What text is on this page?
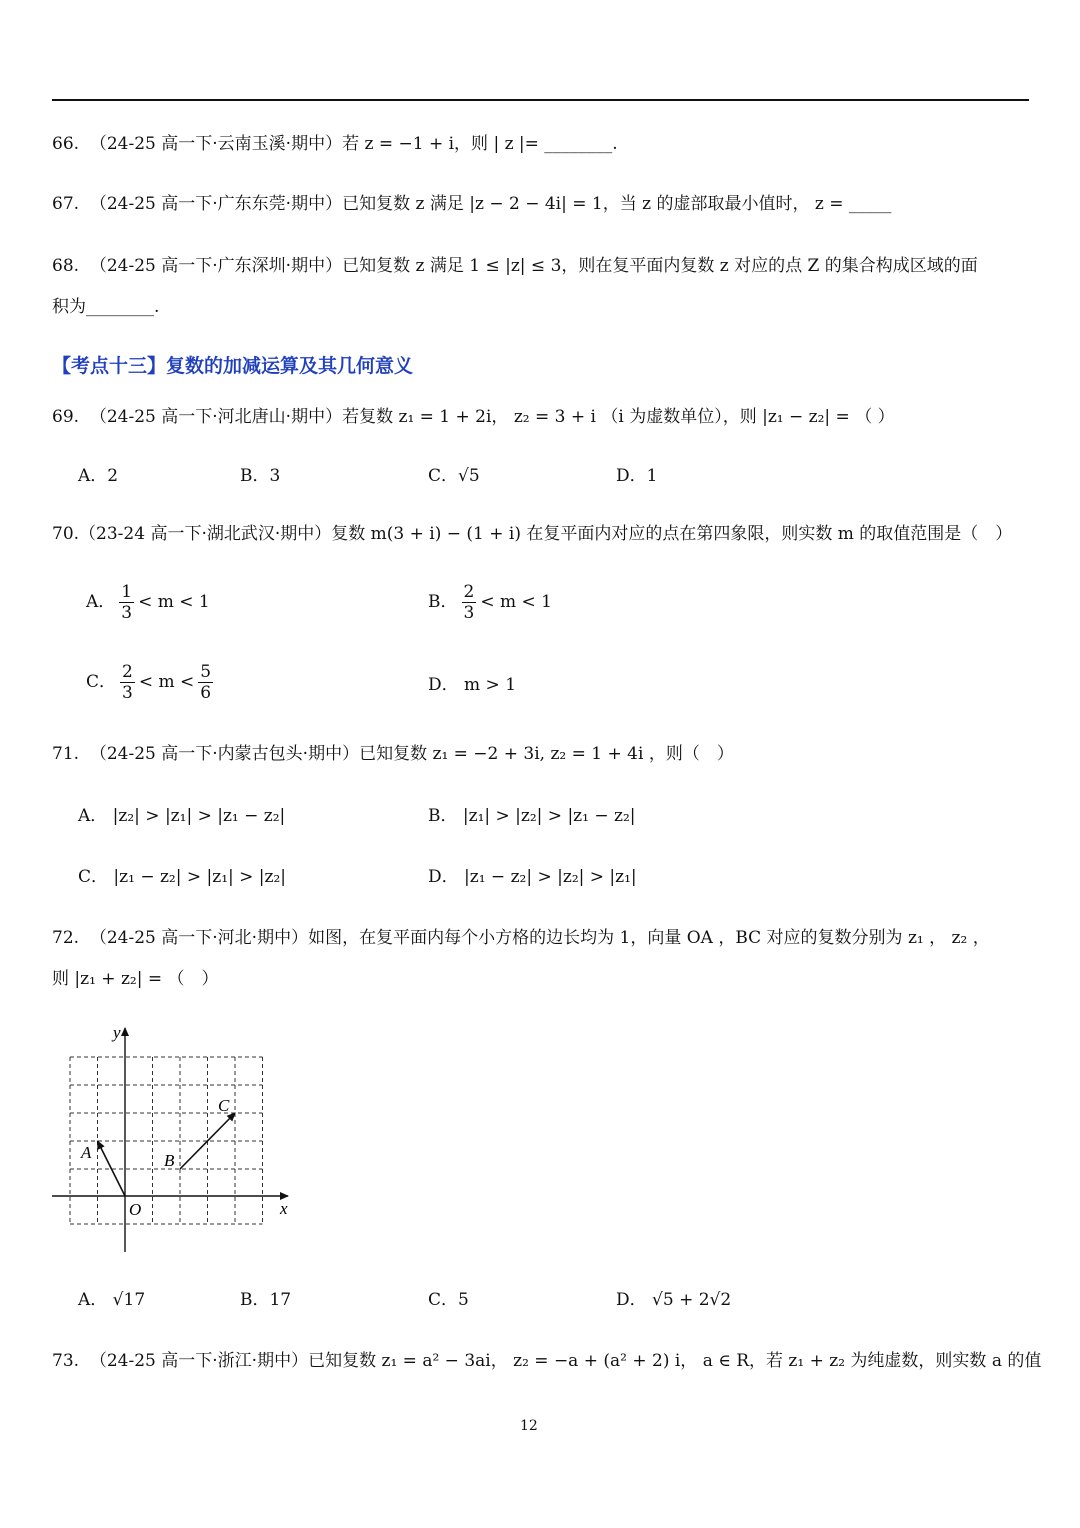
66. （24-25 高一下·云南玉溪·期中）若 z = −1 + i，则 | z |= ________.
67. （24-25 高一下·广东东莞·期中）已知复数 z 满足 |z − 2 − 4i| = 1，当 z 的虚部取最小值时， z = _____
68. （24-25 高一下·广东深圳·期中）已知复数 z 满足 1 ≤ |z| ≤ 3，则在复平面内复数 z 对应的点 Z 的集合构成区域的面
积为________.
【考点十三】复数的加减运算及其几何意义
69. （24-25 高一下·河北唐山·期中）若复数 z₁ = 1 + 2i， z₂ = 3 + i （i 为虚数单位），则 |z₁ − z₂| = （ ）
A．2	B．3	C．√5	D．1
70.（23-24 高一下·湖北武汉·期中）复数 m(3 + i) − (1 + i) 在复平面内对应的点在第四象限，则实数 m 的取值范围是（　）
A． $\frac{1}{3} < m < 1$	B． $\frac{2}{3} < m < 1$
C． $\frac{2}{3} < m < \frac{5}{6}$	D． m > 1
71. （24-25 高一下·内蒙古包头·期中）已知复数 z₁ = −2 + 3i, z₂ = 1 + 4i ，则（　）
A． |z₂| > |z₁| > |z₁ − z₂|	B． |z₁| > |z₂| > |z₁ − z₂|
C． |z₁ − z₂| > |z₁| > |z₂|	D． |z₁ − z₂| > |z₂| > |z₁|
72. （24-25 高一下·河北·期中）如图，在复平面内每个小方格的边长均为 1，向量 OA ，BC 对应的复数分别为 z₁ ， z₂ ，
则 |z₁ + z₂| = （　）
y
x
O
A	B
C
A． √17	B．17	C．5	D． √5 + 2√2
73. （24-25 高一下·浙江·期中）已知复数 z₁ = a² − 3ai， z₂ = −a + (a² + 2) i， a ∈ R，若 z₁ + z₂ 为纯虚数，则实数 a 的值
12
